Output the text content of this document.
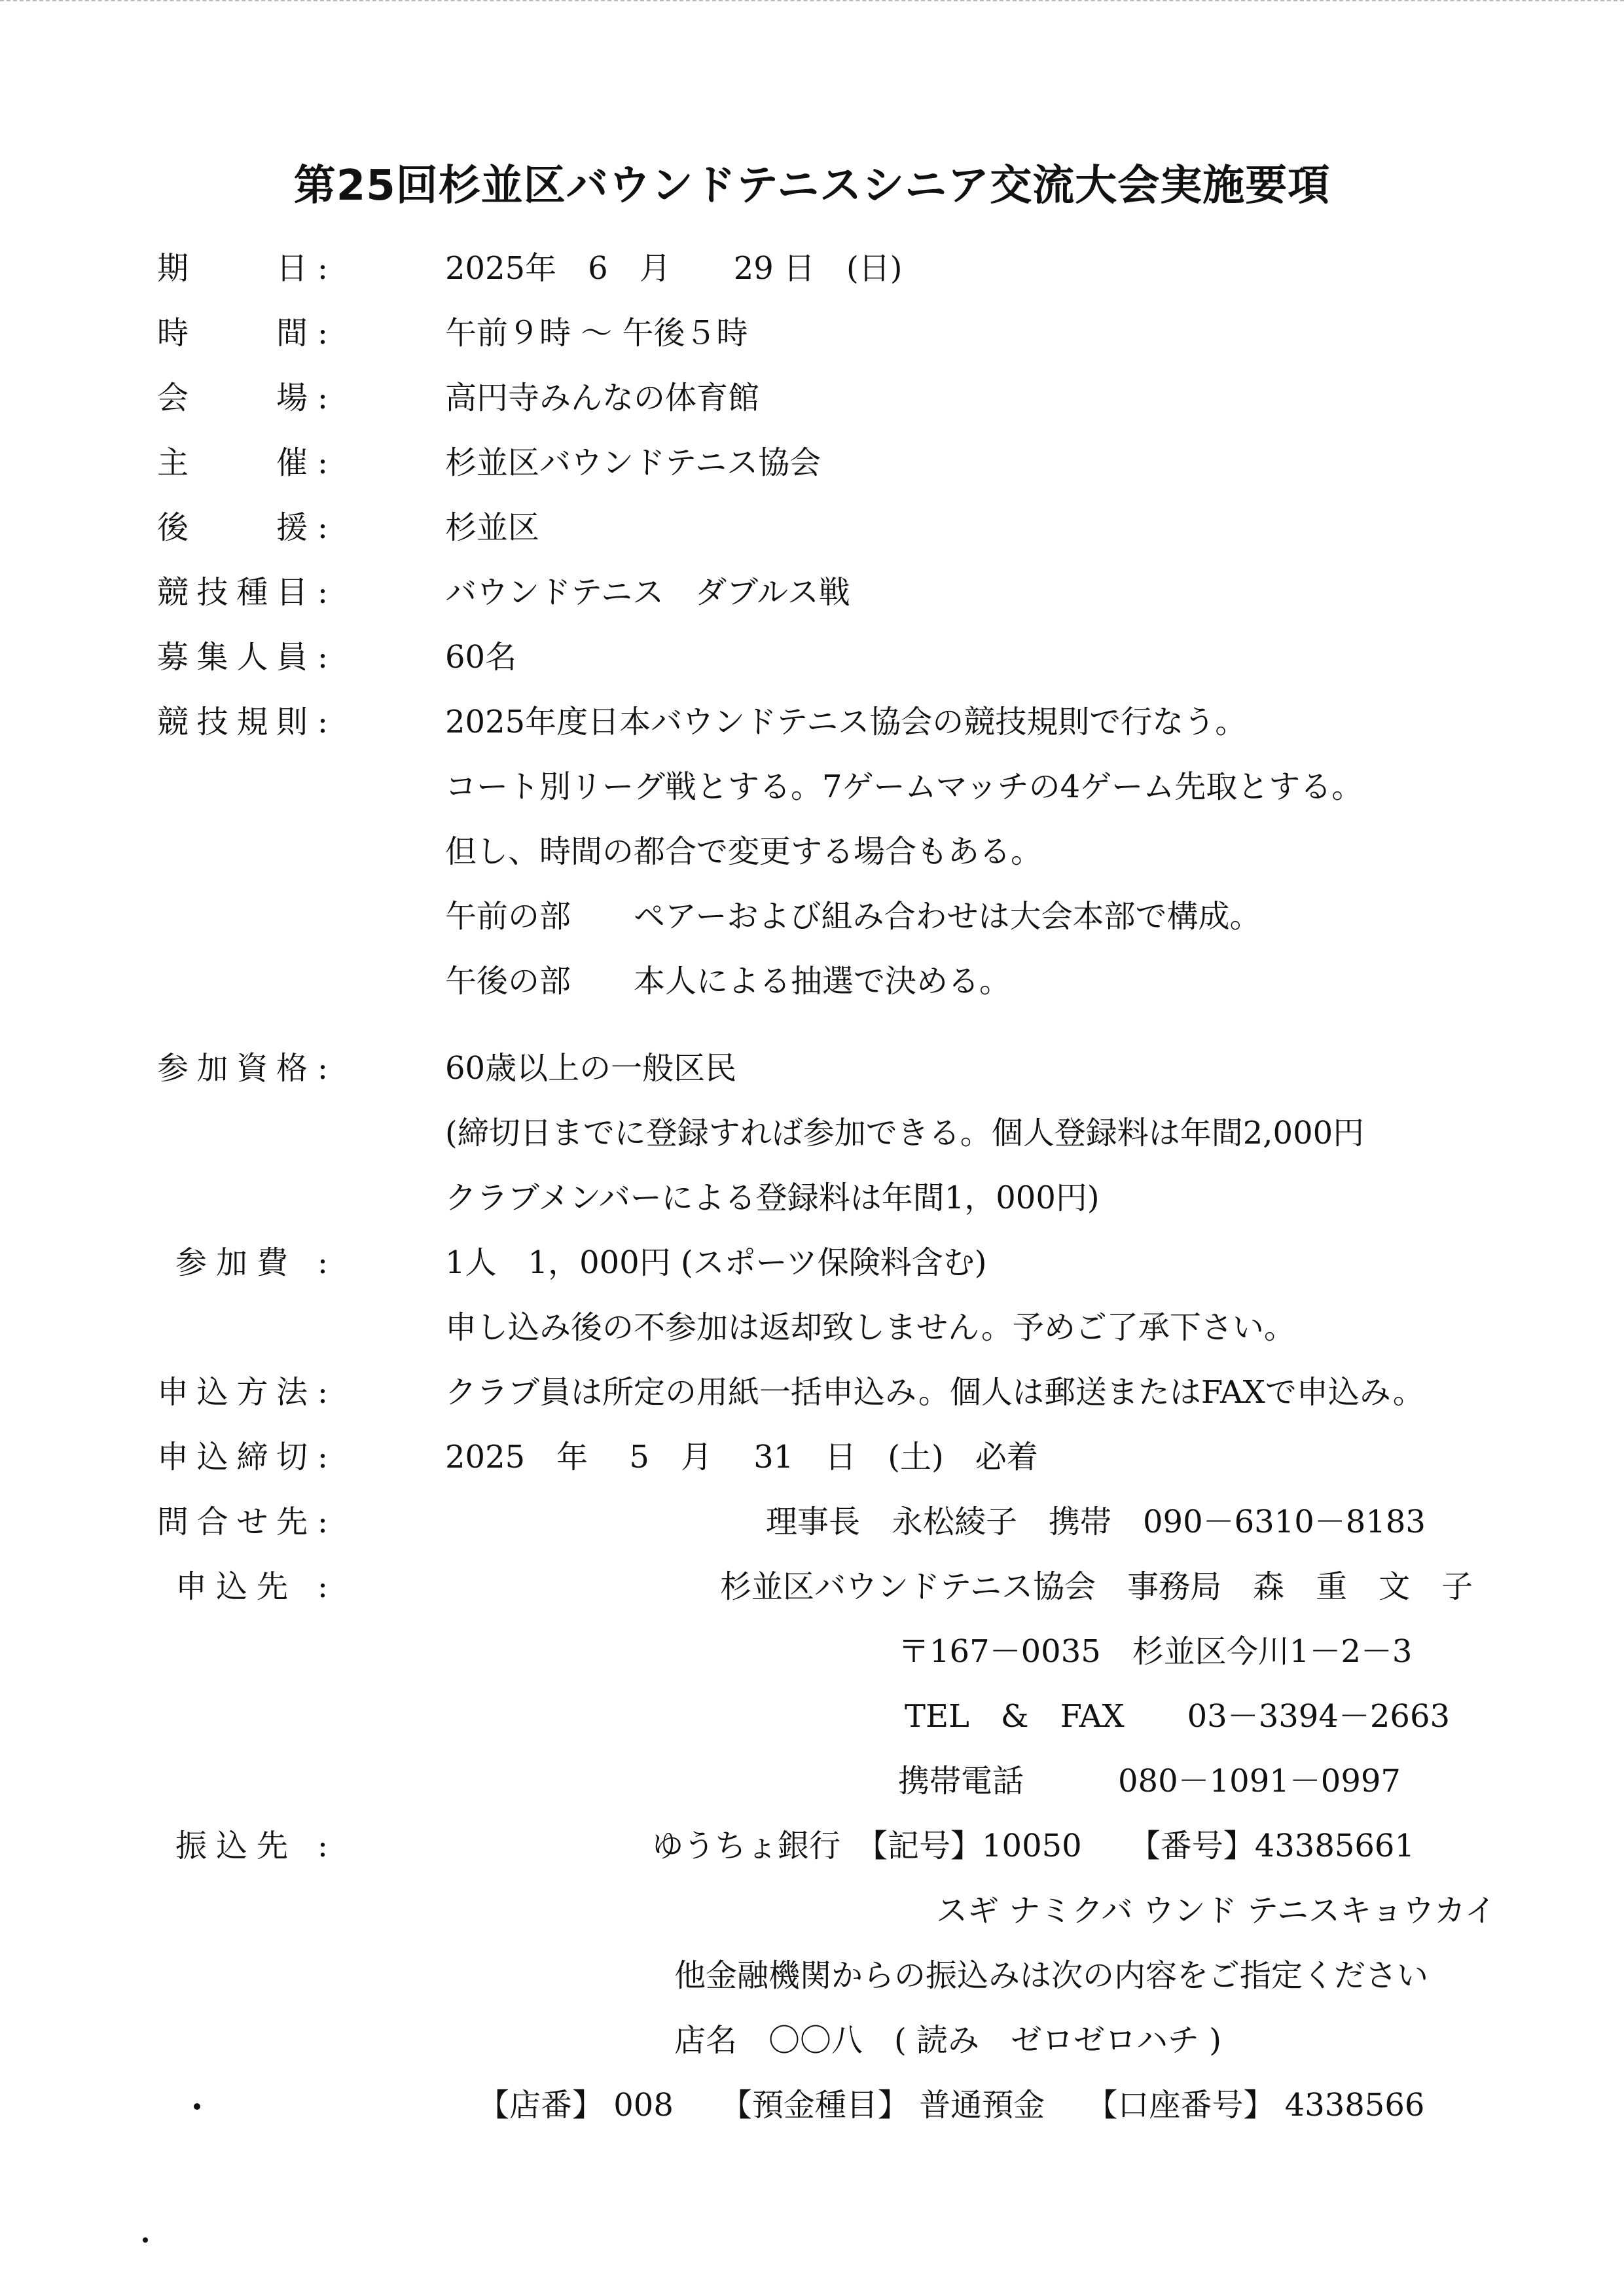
第25回杉並区バウンドテニスシニア交流大会実施要項
期日 :	2025年　6　月　　29 日　(日)
時間 :	午前９時 ～ 午後５時
会場 :	高円寺みんなの体育館
主催 :	杉並区バウンドテニス協会
後援 :	杉並区
競技種目 :	バウンドテニス　ダブルス戦
募集人員 :	60名
競技規則 :	2025年度日本バウンドテニス協会の競技規則で行なう。
コート別リーグ戦とする。7ゲームマッチの4ゲーム先取とする。
但し、時間の都合で変更する場合もある。
午前の部　　ペアーおよび組み合わせは大会本部で構成。
午後の部　　本人による抽選で決める。
参加資格 :	60歳以上の一般区民
(締切日までに登録すれば参加できる。個人登録料は年間2,000円
クラブメンバーによる登録料は年間1，000円)
参加費 :	1人　1，000円 (スポーツ保険料含む)
申し込み後の不参加は返却致しません。予めご了承下さい。
申込方法 :	クラブ員は所定の用紙一括申込み。個人は郵送またはFAXで申込み。
申込締切 :	2025　年　 5　月　 31　日　(土)　必着
問合せ先 :	理事長　永松綾子　携帯　090－6310－8183
申込先 :	杉並区バウンドテニス協会　事務局　森　重　文　子
〒167－0035　杉並区今川1－2－3
TEL　&　FAX　　03－3394－2663
携帯電話　　　080－1091－0997
振込先 :	ゆうちょ銀行　【記号】10050　　【番号】43385661
スギ ナミクバ ウンド テニスキョウカイ
他金融機関からの振込みは次の内容をご指定ください
店名　〇〇八　( 読み　ゼロゼロハチ )
【店番】 008　　【預金種目】 普通預金　 【口座番号】 4338566
